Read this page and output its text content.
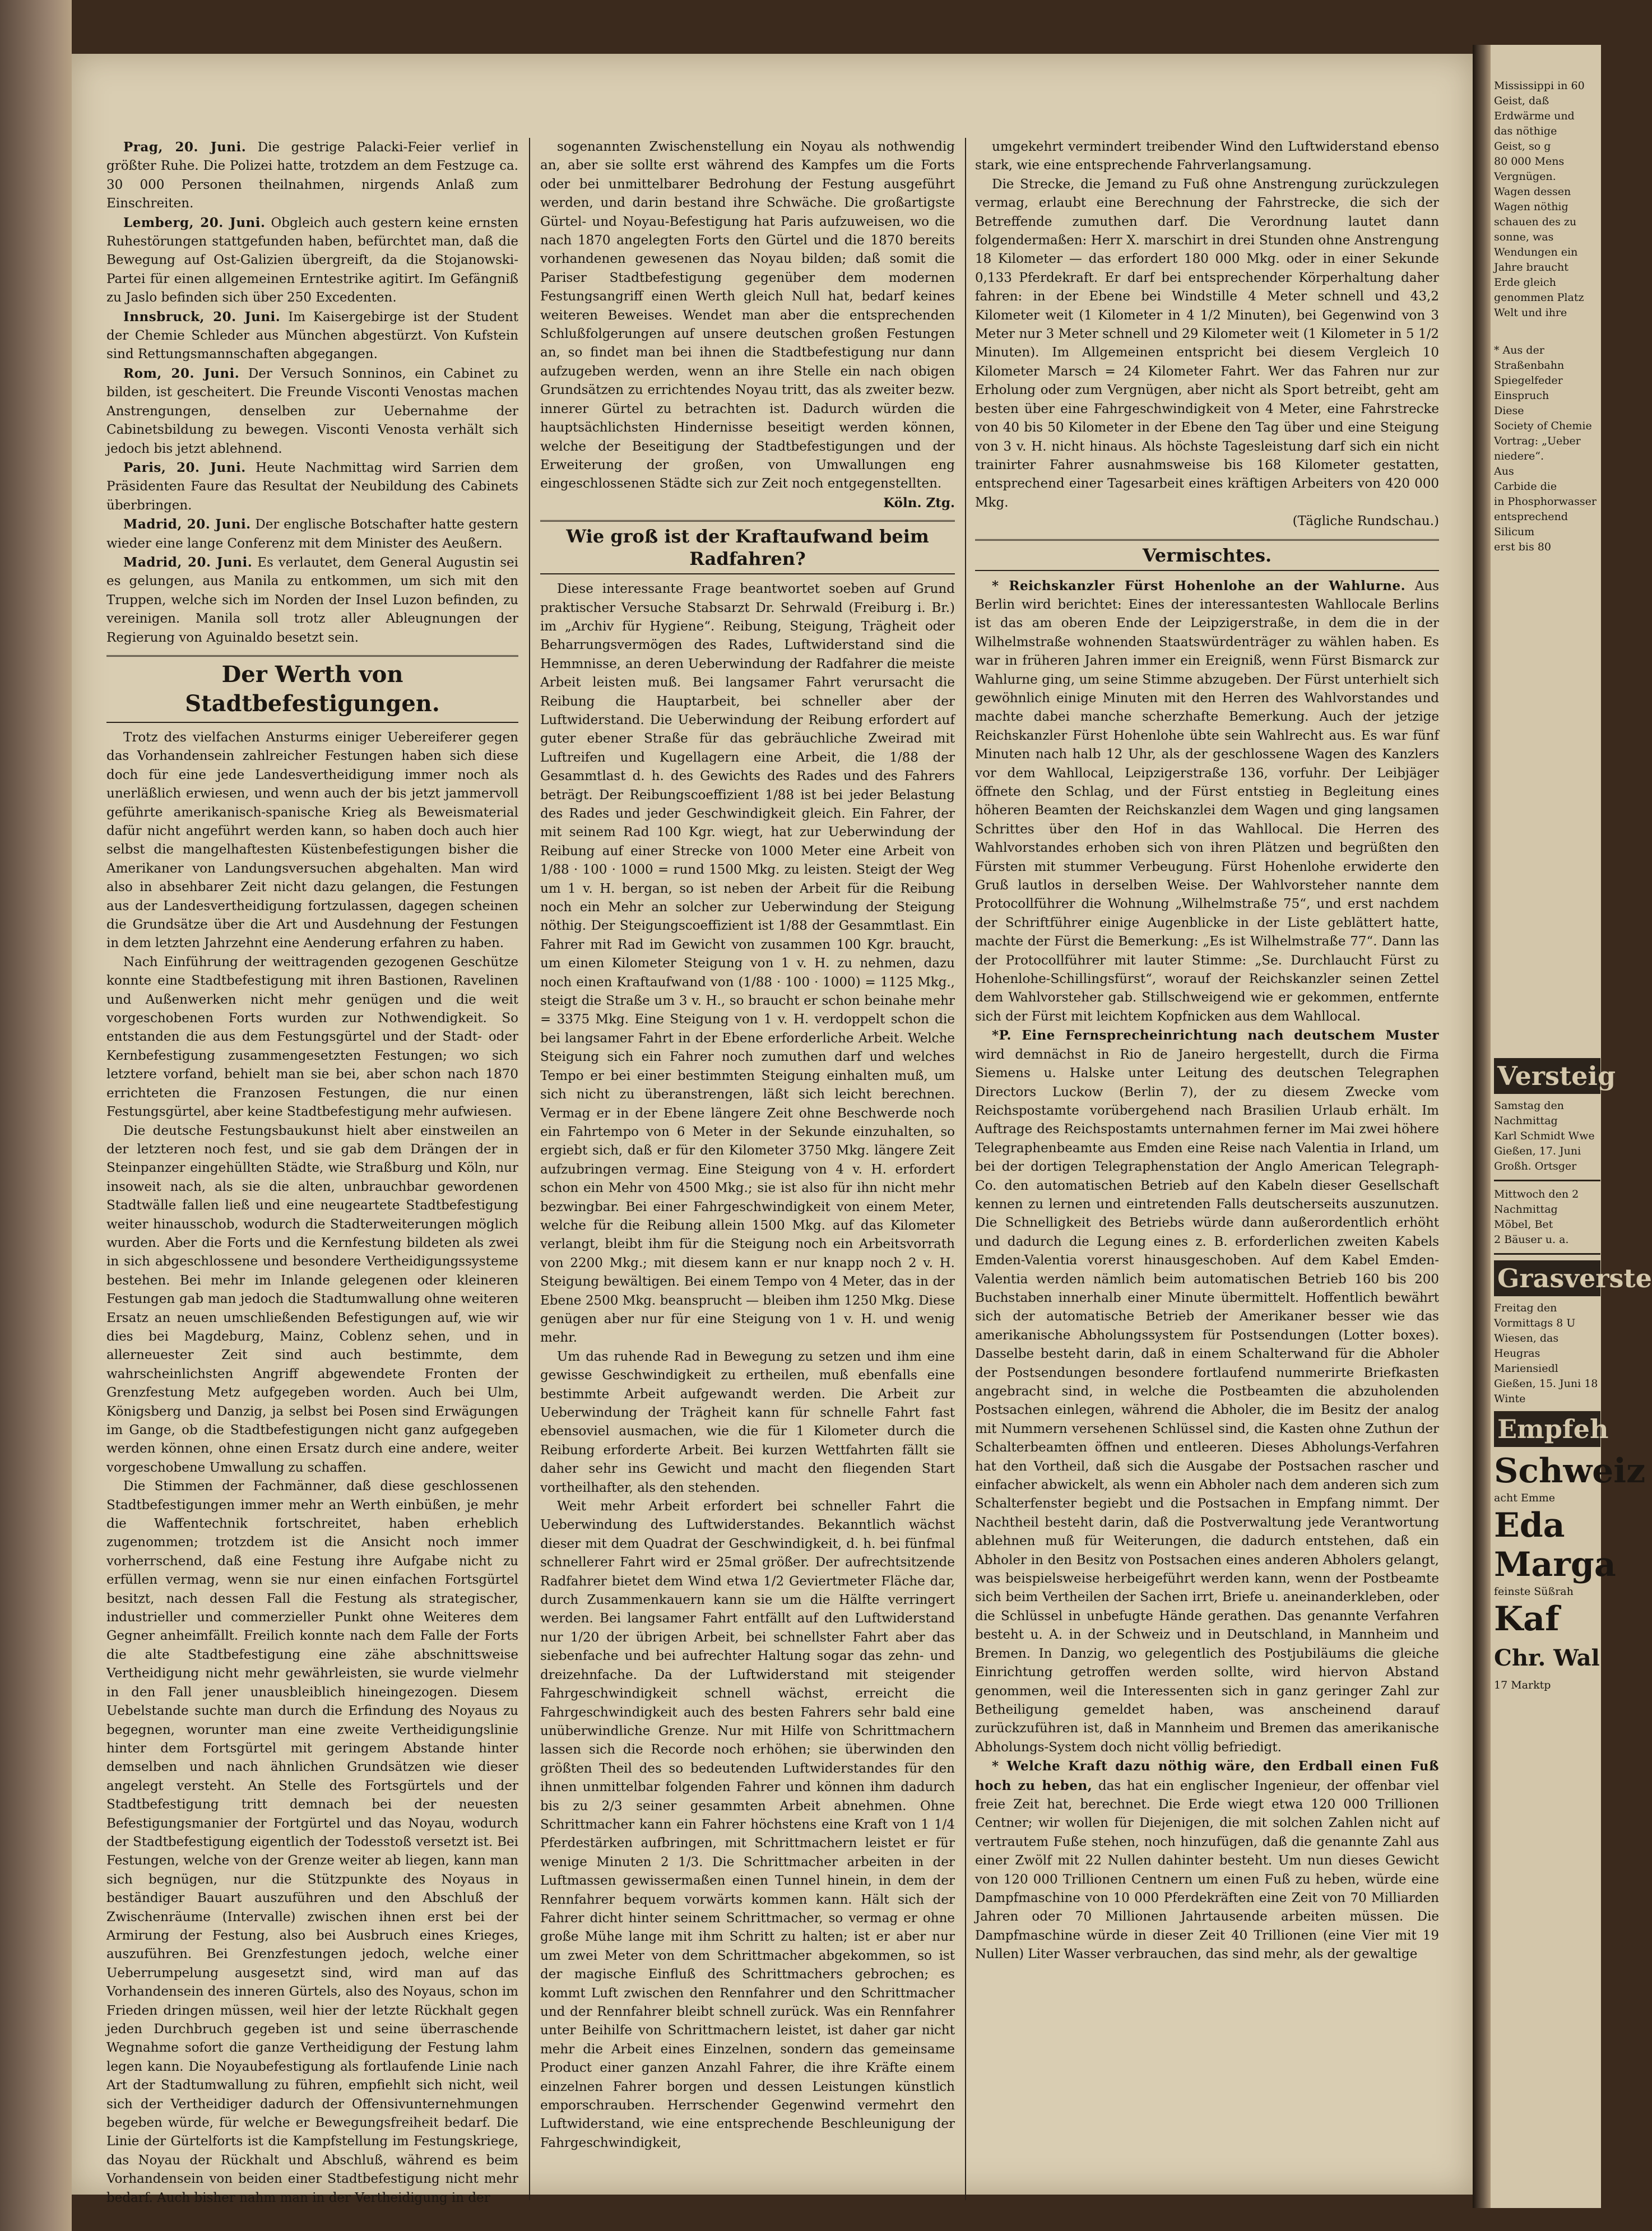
Prag, 20. Juni. Die gestrige Palacki-Feier verlief in größter Ruhe. Die Polizei hatte, trotzdem an dem Festzuge ca. 30 000 Personen theilnahmen, nirgends Anlaß zum Einschreiten.

Lemberg, 20. Juni. Obgleich auch gestern keine ernsten Ruhestörungen stattgefunden haben, befürchtet man, daß die Bewegung auf Ost-Galizien übergreift, da die Stojanowski-Partei für einen allgemeinen Erntestrike agitirt. Im Gefängniß zu Jaslo befinden sich über 250 Excedenten.

Innsbruck, 20. Juni. Im Kaisergebirge ist der Student der Chemie Schleder aus München abgestürzt. Von Kufstein sind Rettungsmannschaften abgegangen.

Rom, 20. Juni. Der Versuch Sonninos, ein Cabinet zu bilden, ist gescheitert. Die Freunde Visconti Venostas machen Anstrengungen, denselben zur Uebernahme der Cabinetsbildung zu bewegen. Visconti Venosta verhält sich jedoch bis jetzt ablehnend.

Paris, 20. Juni. Heute Nachmittag wird Sarrien dem Präsidenten Faure das Resultat der Neubildung des Cabinets überbringen.

Madrid, 20. Juni. Der englische Botschafter hatte gestern wieder eine lange Conferenz mit dem Minister des Aeußern.

Madrid, 20. Juni. Es verlautet, dem General Augustin sei es gelungen, aus Manila zu entkommen, um sich mit den Truppen, welche sich im Norden der Insel Luzon befinden, zu vereinigen. Manila soll trotz aller Ableugnungen der Regierung von Aguinaldo besetzt sein.

Der Werth von Stadtbefestigungen.

Trotz des vielfachen Ansturms einiger Uebereiferer gegen das Vorhandensein zahlreicher Festungen haben sich diese doch für eine jede Landesvertheidigung immer noch als unerläßlich erwiesen, und wenn auch der bis jetzt jammervoll geführte amerikanisch-spanische Krieg als Beweismaterial dafür nicht angeführt werden kann, so haben doch auch hier selbst die mangelhaftesten Küstenbefestigungen bisher die Amerikaner von Landungsversuchen abgehalten. Man wird also in absehbarer Zeit nicht dazu gelangen, die Festungen aus der Landesvertheidigung fortzulassen, dagegen scheinen die Grundsätze über die Art und Ausdehnung der Festungen in dem letzten Jahrzehnt eine Aenderung erfahren zu haben.

Nach Einführung der weittragenden gezogenen Geschütze konnte eine Stadtbefestigung mit ihren Bastionen, Ravelinen und Außenwerken nicht mehr genügen und die weit vorgeschobenen Forts wurden zur Nothwendigkeit. So entstanden die aus dem Festungsgürtel und der Stadt- oder Kernbefestigung zusammengesetzten Festungen; wo sich letztere vorfand, behielt man sie bei, aber schon nach 1870 errichteten die Franzosen Festungen, die nur einen Festungsgürtel, aber keine Stadtbefestigung mehr aufwiesen.

Die deutsche Festungsbaukunst hielt aber einstweilen an der letzteren noch fest, und sie gab dem Drängen der in Steinpanzer eingehüllten Städte, wie Straßburg und Köln, nur insoweit nach, als sie die alten, unbrauchbar gewordenen Stadtwälle fallen ließ und eine neugeartete Stadtbefestigung weiter hinausschob, wodurch die Stadterweiterungen möglich wurden. Aber die Forts und die Kernfestung bildeten als zwei in sich abgeschlossene und besondere Vertheidigungssysteme bestehen. Bei mehr im Inlande gelegenen oder kleineren Festungen gab man jedoch die Stadtumwallung ohne weiteren Ersatz an neuen umschließenden Befestigungen auf, wie wir dies bei Magdeburg, Mainz, Coblenz sehen, und in allerneuester Zeit sind auch bestimmte, dem wahrscheinlichsten Angriff abgewendete Fronten der Grenzfestung Metz aufgegeben worden. Auch bei Ulm, Königsberg und Danzig, ja selbst bei Posen sind Erwägungen im Gange, ob die Stadtbefestigungen nicht ganz aufgegeben werden können, ohne einen Ersatz durch eine andere, weiter vorgeschobene Umwallung zu schaffen.

Die Stimmen der Fachmänner, daß diese geschlossenen Stadtbefestigungen immer mehr an Werth einbüßen, je mehr die Waffentechnik fortschreitet, haben erheblich zugenommen; trotzdem ist die Ansicht noch immer vorherrschend, daß eine Festung ihre Aufgabe nicht zu erfüllen vermag, wenn sie nur einen einfachen Fortsgürtel besitzt, nach dessen Fall die Festung als strategischer, industrieller und commerzieller Punkt ohne Weiteres dem Gegner anheimfällt. Freilich konnte nach dem Falle der Forts die alte Stadtbefestigung eine zähe abschnittsweise Vertheidigung nicht mehr gewährleisten, sie wurde vielmehr in den Fall jener unausbleiblich hineingezogen. Diesem Uebelstande suchte man durch die Erfindung des Noyaus zu begegnen, worunter man eine zweite Vertheidigungslinie hinter dem Fortsgürtel mit geringem Abstande hinter demselben und nach ähnlichen Grundsätzen wie dieser angelegt versteht. An Stelle des Fortsgürtels und der Stadtbefestigung tritt demnach bei der neuesten Befestigungsmanier der Fortgürtel und das Noyau, wodurch der Stadtbefestigung eigentlich der Todesstoß versetzt ist. Bei Festungen, welche von der Grenze weiter ab liegen, kann man sich begnügen, nur die Stützpunkte des Noyaus in beständiger Bauart auszuführen und den Abschluß der Zwischenräume (Intervalle) zwischen ihnen erst bei der Armirung der Festung, also bei Ausbruch eines Krieges, auszuführen. Bei Grenzfestungen jedoch, welche einer Ueberrumpelung ausgesetzt sind, wird man auf das Vorhandensein des inneren Gürtels, also des Noyaus, schon im Frieden dringen müssen, weil hier der letzte Rückhalt gegen jeden Durchbruch gegeben ist und seine überraschende Wegnahme sofort die ganze Vertheidigung der Festung lahm legen kann. Die Noyaubefestigung als fortlaufende Linie nach Art der Stadtumwallung zu führen, empfiehlt sich nicht, weil sich der Vertheidiger dadurch der Offensivunternehmungen begeben würde, für welche er Bewegungsfreiheit bedarf. Die Linie der Gürtelforts ist die Kampfstellung im Festungskriege, das Noyau der Rückhalt und Abschluß, während es beim Vorhandensein von beiden einer Stadtbefestigung nicht mehr bedarf. Auch bisher nahm man in der Vertheidigung in der

sogenannten Zwischenstellung ein Noyau als nothwendig an, aber sie sollte erst während des Kampfes um die Forts oder bei unmittelbarer Bedrohung der Festung ausgeführt werden, und darin bestand ihre Schwäche. Die großartigste Gürtel- und Noyau-Befestigung hat Paris aufzuweisen, wo die nach 1870 angelegten Forts den Gürtel und die 1870 bereits vorhandenen gewesenen das Noyau bilden; daß somit die Pariser Stadtbefestigung gegenüber dem modernen Festungsangriff einen Werth gleich Null hat, bedarf keines weiteren Beweises. Wendet man aber die entsprechenden Schlußfolgerungen auf unsere deutschen großen Festungen an, so findet man bei ihnen die Stadtbefestigung nur dann aufzugeben werden, wenn an ihre Stelle ein nach obigen Grundsätzen zu errichtendes Noyau tritt, das als zweiter bezw. innerer Gürtel zu betrachten ist. Dadurch würden die hauptsächlichsten Hindernisse beseitigt werden können, welche der Beseitigung der Stadtbefestigungen und der Erweiterung der großen, von Umwallungen eng eingeschlossenen Städte sich zur Zeit noch entgegenstellten.

Köln. Ztg.
Wie groß ist der Kraftaufwand beim Radfahren?

Diese interessante Frage beantwortet soeben auf Grund praktischer Versuche Stabsarzt Dr. Sehrwald (Freiburg i. Br.) im „Archiv für Hygiene“. Reibung, Steigung, Trägheit oder Beharrungsvermögen des Rades, Luftwiderstand sind die Hemmnisse, an deren Ueberwindung der Radfahrer die meiste Arbeit leisten muß. Bei langsamer Fahrt verursacht die Reibung die Hauptarbeit, bei schneller aber der Luftwiderstand. Die Ueberwindung der Reibung erfordert auf guter ebener Straße für das gebräuchliche Zweirad mit Luftreifen und Kugellagern eine Arbeit, die 1/88 der Gesammtlast d. h. des Gewichts des Rades und des Fahrers beträgt. Der Reibungscoeffizient 1/88 ist bei jeder Belastung des Rades und jeder Geschwindigkeit gleich. Ein Fahrer, der mit seinem Rad 100 Kgr. wiegt, hat zur Ueberwindung der Reibung auf einer Strecke von 1000 Meter eine Arbeit von 1/88 · 100 · 1000 = rund 1500 Mkg. zu leisten. Steigt der Weg um 1 v. H. bergan, so ist neben der Arbeit für die Reibung noch ein Mehr an solcher zur Ueberwindung der Steigung nöthig. Der Steigungscoeffizient ist 1/88 der Gesammtlast. Ein Fahrer mit Rad im Gewicht von zusammen 100 Kgr. braucht, um einen Kilometer Steigung von 1 v. H. zu nehmen, dazu noch einen Kraftaufwand von (1/88 · 100 · 1000) = 1125 Mkg., steigt die Straße um 3 v. H., so braucht er schon beinahe mehr = 3375 Mkg. Eine Steigung von 1 v. H. verdoppelt schon die bei langsamer Fahrt in der Ebene erforderliche Arbeit. Welche Steigung sich ein Fahrer noch zumuthen darf und welches Tempo er bei einer bestimmten Steigung einhalten muß, um sich nicht zu überanstrengen, läßt sich leicht berechnen. Vermag er in der Ebene längere Zeit ohne Beschwerde noch ein Fahrtempo von 6 Meter in der Sekunde einzuhalten, so ergiebt sich, daß er für den Kilometer 3750 Mkg. längere Zeit aufzubringen vermag. Eine Steigung von 4 v. H. erfordert schon ein Mehr von 4500 Mkg.; sie ist also für ihn nicht mehr bezwingbar. Bei einer Fahrgeschwindigkeit von einem Meter, welche für die Reibung allein 1500 Mkg. auf das Kilometer verlangt, bleibt ihm für die Steigung noch ein Arbeitsvorrath von 2200 Mkg.; mit diesem kann er nur knapp noch 2 v. H. Steigung bewältigen. Bei einem Tempo von 4 Meter, das in der Ebene 2500 Mkg. beansprucht — bleiben ihm 1250 Mkg. Diese genügen aber nur für eine Steigung von 1 v. H. und wenig mehr.

Um das ruhende Rad in Bewegung zu setzen und ihm eine gewisse Geschwindigkeit zu ertheilen, muß ebenfalls eine bestimmte Arbeit aufgewandt werden. Die Arbeit zur Ueberwindung der Trägheit kann für schnelle Fahrt fast ebensoviel ausmachen, wie die für 1 Kilometer durch die Reibung erforderte Arbeit. Bei kurzen Wettfahrten fällt sie daher sehr ins Gewicht und macht den fliegenden Start vortheilhafter, als den stehenden.

Weit mehr Arbeit erfordert bei schneller Fahrt die Ueberwindung des Luftwiderstandes. Bekanntlich wächst dieser mit dem Quadrat der Geschwindigkeit, d. h. bei fünfmal schnellerer Fahrt wird er 25mal größer. Der aufrechtsitzende Radfahrer bietet dem Wind etwa 1/2 Geviertmeter Fläche dar, durch Zusammenkauern kann sie um die Hälfte verringert werden. Bei langsamer Fahrt entfällt auf den Luftwiderstand nur 1/20 der übrigen Arbeit, bei schnellster Fahrt aber das siebenfache und bei aufrechter Haltung sogar das zehn- und dreizehnfache. Da der Luftwiderstand mit steigender Fahrgeschwindigkeit schnell wächst, erreicht die Fahrgeschwindigkeit auch des besten Fahrers sehr bald eine unüberwindliche Grenze. Nur mit Hilfe von Schrittmachern lassen sich die Recorde noch erhöhen; sie überwinden den größten Theil des so bedeutenden Luftwiderstandes für den ihnen unmittelbar folgenden Fahrer und können ihm dadurch bis zu 2/3 seiner gesammten Arbeit abnehmen. Ohne Schrittmacher kann ein Fahrer höchstens eine Kraft von 1 1/4 Pferdestärken aufbringen, mit Schrittmachern leistet er für wenige Minuten 2 1/3. Die Schrittmacher arbeiten in der Luftmassen gewissermaßen einen Tunnel hinein, in dem der Rennfahrer bequem vorwärts kommen kann. Hält sich der Fahrer dicht hinter seinem Schrittmacher, so vermag er ohne große Mühe lange mit ihm Schritt zu halten; ist er aber nur um zwei Meter von dem Schrittmacher abgekommen, so ist der magische Einfluß des Schrittmachers gebrochen; es kommt Luft zwischen den Rennfahrer und den Schrittmacher und der Rennfahrer bleibt schnell zurück. Was ein Rennfahrer unter Beihilfe von Schrittmachern leistet, ist daher gar nicht mehr die Arbeit eines Einzelnen, sondern das gemeinsame Product einer ganzen Anzahl Fahrer, die ihre Kräfte einem einzelnen Fahrer borgen und dessen Leistungen künstlich emporschrauben. Herrschender Gegenwind vermehrt den Luftwiderstand, wie eine entsprechende Beschleunigung der Fahrgeschwindigkeit,

umgekehrt vermindert treibender Wind den Luftwiderstand ebenso stark, wie eine entsprechende Fahrverlangsamung.

Die Strecke, die Jemand zu Fuß ohne Anstrengung zurückzulegen vermag, erlaubt eine Berechnung der Fahrstrecke, die sich der Betreffende zumuthen darf. Die Verordnung lautet dann folgendermaßen: Herr X. marschirt in drei Stunden ohne Anstrengung 18 Kilometer — das erfordert 180 000 Mkg. oder in einer Sekunde 0,133 Pferdekraft. Er darf bei entsprechender Körperhaltung daher fahren: in der Ebene bei Windstille 4 Meter schnell und 43,2 Kilometer weit (1 Kilometer in 4 1/2 Minuten), bei Gegenwind von 3 Meter nur 3 Meter schnell und 29 Kilometer weit (1 Kilometer in 5 1/2 Minuten). Im Allgemeinen entspricht bei diesem Vergleich 10 Kilometer Marsch = 24 Kilometer Fahrt. Wer das Fahren nur zur Erholung oder zum Vergnügen, aber nicht als Sport betreibt, geht am besten über eine Fahrgeschwindigkeit von 4 Meter, eine Fahrstrecke von 40 bis 50 Kilometer in der Ebene den Tag über und eine Steigung von 3 v. H. nicht hinaus. Als höchste Tagesleistung darf sich ein nicht trainirter Fahrer ausnahmsweise bis 168 Kilometer gestatten, entsprechend einer Tagesarbeit eines kräftigen Arbeiters von 420 000 Mkg.

(Tägliche Rundschau.)
Vermischtes.

* Reichskanzler Fürst Hohenlohe an der Wahlurne. Aus Berlin wird berichtet: Eines der interessantesten Wahllocale Berlins ist das am oberen Ende der Leipzigerstraße, in dem die in der Wilhelmstraße wohnenden Staatswürdenträger zu wählen haben. Es war in früheren Jahren immer ein Ereigniß, wenn Fürst Bismarck zur Wahlurne ging, um seine Stimme abzugeben. Der Fürst unterhielt sich gewöhnlich einige Minuten mit den Herren des Wahlvorstandes und machte dabei manche scherzhafte Bemerkung. Auch der jetzige Reichskanzler Fürst Hohenlohe übte sein Wahlrecht aus. Es war fünf Minuten nach halb 12 Uhr, als der geschlossene Wagen des Kanzlers vor dem Wahllocal, Leipzigerstraße 136, vorfuhr. Der Leibjäger öffnete den Schlag, und der Fürst entstieg in Begleitung eines höheren Beamten der Reichskanzlei dem Wagen und ging langsamen Schrittes über den Hof in das Wahllocal. Die Herren des Wahlvorstandes erhoben sich von ihren Plätzen und begrüßten den Fürsten mit stummer Verbeugung. Fürst Hohenlohe erwiderte den Gruß lautlos in derselben Weise. Der Wahlvorsteher nannte dem Protocollführer die Wohnung „Wilhelmstraße 75“, und erst nachdem der Schriftführer einige Augenblicke in der Liste geblättert hatte, machte der Fürst die Bemerkung: „Es ist Wilhelmstraße 77“. Dann las der Protocollführer mit lauter Stimme: „Se. Durchlaucht Fürst zu Hohenlohe-Schillingsfürst“, worauf der Reichskanzler seinen Zettel dem Wahlvorsteher gab. Stillschweigend wie er gekommen, entfernte sich der Fürst mit leichtem Kopfnicken aus dem Wahllocal.

*P. Eine Fernsprecheinrichtung nach deutschem Muster wird demnächst in Rio de Janeiro hergestellt, durch die Firma Siemens u. Halske unter Leitung des deutschen Telegraphen Directors Luckow (Berlin 7), der zu diesem Zwecke vom Reichspostamte vorübergehend nach Brasilien Urlaub erhält. Im Auftrage des Reichspostamts unternahmen ferner im Mai zwei höhere Telegraphenbeamte aus Emden eine Reise nach Valentia in Irland, um bei der dortigen Telegraphenstation der Anglo American Telegraph-Co. den automatischen Betrieb auf den Kabeln dieser Gesellschaft kennen zu lernen und eintretenden Falls deutscherseits auszunutzen. Die Schnelligkeit des Betriebs würde dann außerordentlich erhöht und dadurch die Legung eines z. B. erforderlichen zweiten Kabels Emden-Valentia vorerst hinausgeschoben. Auf dem Kabel Emden-Valentia werden nämlich beim automatischen Betrieb 160 bis 200 Buchstaben innerhalb einer Minute übermittelt. Hoffentlich bewährt sich der automatische Betrieb der Amerikaner besser wie das amerikanische Abholungssystem für Postsendungen (Lotter boxes). Dasselbe besteht darin, daß in einem Schalterwand für die Abholer der Postsendungen besondere fortlaufend nummerirte Briefkasten angebracht sind, in welche die Postbeamten die abzuholenden Postsachen einlegen, während die Abholer, die im Besitz der analog mit Nummern versehenen Schlüssel sind, die Kasten ohne Zuthun der Schalterbeamten öffnen und entleeren. Dieses Abholungs-Verfahren hat den Vortheil, daß sich die Ausgabe der Postsachen rascher und einfacher abwickelt, als wenn ein Abholer nach dem anderen sich zum Schalterfenster begiebt und die Postsachen in Empfang nimmt. Der Nachtheil besteht darin, daß die Postverwaltung jede Verantwortung ablehnen muß für Weiterungen, die dadurch entstehen, daß ein Abholer in den Besitz von Postsachen eines anderen Abholers gelangt, was beispielsweise herbeigeführt werden kann, wenn der Postbeamte sich beim Vertheilen der Sachen irrt, Briefe u. aneinanderkleben, oder die Schlüssel in unbefugte Hände gerathen. Das genannte Verfahren besteht u. A. in der Schweiz und in Deutschland, in Mannheim und Bremen. In Danzig, wo gelegentlich des Postjubiläums die gleiche Einrichtung getroffen werden sollte, wird hiervon Abstand genommen, weil die Interessenten sich in ganz geringer Zahl zur Betheiligung gemeldet haben, was anscheinend darauf zurückzuführen ist, daß in Mannheim und Bremen das amerikanische Abholungs-System doch nicht völlig befriedigt.

* Welche Kraft dazu nöthig wäre, den Erdball einen Fuß hoch zu heben, das hat ein englischer Ingenieur, der offenbar viel freie Zeit hat, berechnet. Die Erde wiegt etwa 120 000 Trillionen Centner; wir wollen für Diejenigen, die mit solchen Zahlen nicht auf vertrautem Fuße stehen, noch hinzufügen, daß die genannte Zahl aus einer Zwölf mit 22 Nullen dahinter besteht. Um nun dieses Gewicht von 120 000 Trillionen Centnern um einen Fuß zu heben, würde eine Dampfmaschine von 10 000 Pferdekräften eine Zeit von 70 Milliarden Jahren oder 70 Millionen Jahrtausende arbeiten müssen. Die Dampfmaschine würde in dieser Zeit 40 Trillionen (eine Vier mit 19 Nullen) Liter Wasser verbrauchen, das sind mehr, als der gewaltige

Mississippi in 60
Geist, daß
Erdwärme und
das nöthige
Geist, so g
80 000 Mens
Vergnügen.
Wagen dessen
Wagen nöthig
schauen des zu
sonne, was
Wendungen ein
Jahre braucht
Erde gleich
genommen Platz
Welt und ihre
* Aus der
Straßenbahn
Spiegelfeder
Einspruch
Diese
Society of Chemie
Vortrag: „Ueber
niedere“.
Aus
Carbide die
in Phosphorwasser
entsprechend
Silicum
erst bis 80
Versteig
Samstag den
Nachmittag
Karl Schmidt Wwe
Gießen, 17. Juni
Großh. Ortsger
Mittwoch den 2
Nachmittag
Möbel, Bet
2 Bäuser u. a.
Grasverste
Freitag den
Vormittags 8 U
Wiesen, das
Heugras
Mariensiedl
Gießen, 15. Juni 18
Winte
Empfeh
Schweiz
acht Emme
Eda
Marga
feinste Süßrah
Kaf
Chr. Wal
17 Marktp
